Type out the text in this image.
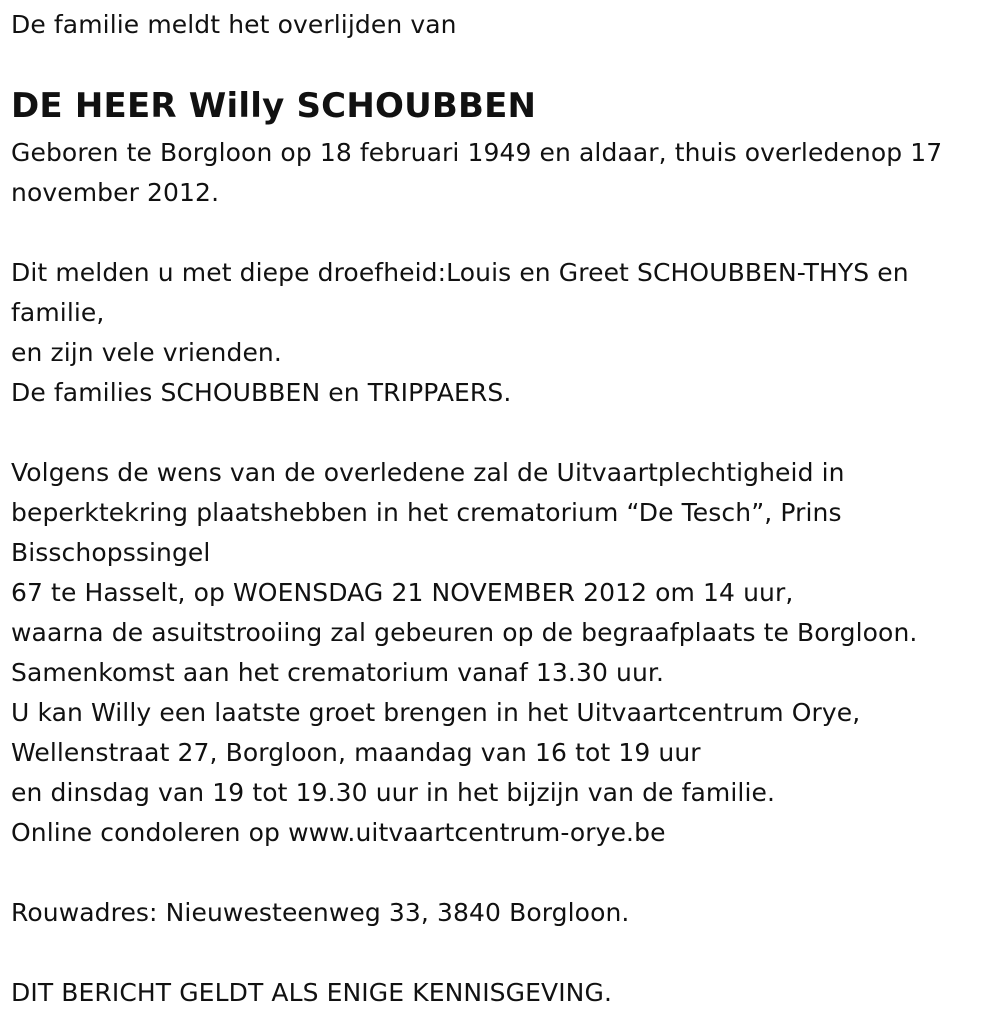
De familie meldt het overlijden van
DE HEER Willy SCHOUBBEN
Geboren te Borgloon op 18 februari 1949 en aldaar, thuis overledenop 17
november 2012.
Dit melden u met diepe droefheid:Louis en Greet SCHOUBBEN-THYS en
familie,
en zijn vele vrienden.
De families SCHOUBBEN en TRIPPAERS.
Volgens de wens van de overledene zal de Uitvaartplechtigheid in
beperktekring plaatshebben in het crematorium “De Tesch”, Prins
Bisschopssingel
67 te Hasselt, op WOENSDAG 21 NOVEMBER 2012 om 14 uur,
waarna de asuitstrooiing zal gebeuren op de begraafplaats te Borgloon.
Samenkomst aan het crematorium vanaf 13.30 uur.
U kan Willy een laatste groet brengen in het Uitvaartcentrum Orye,
Wellenstraat 27, Borgloon, maandag van 16 tot 19 uur
en dinsdag van 19 tot 19.30 uur in het bijzijn van de familie.
Online condoleren op www.uitvaartcentrum-orye.be
Rouwadres: Nieuwesteenweg 33, 3840 Borgloon.
DIT BERICHT GELDT ALS ENIGE KENNISGEVING.
